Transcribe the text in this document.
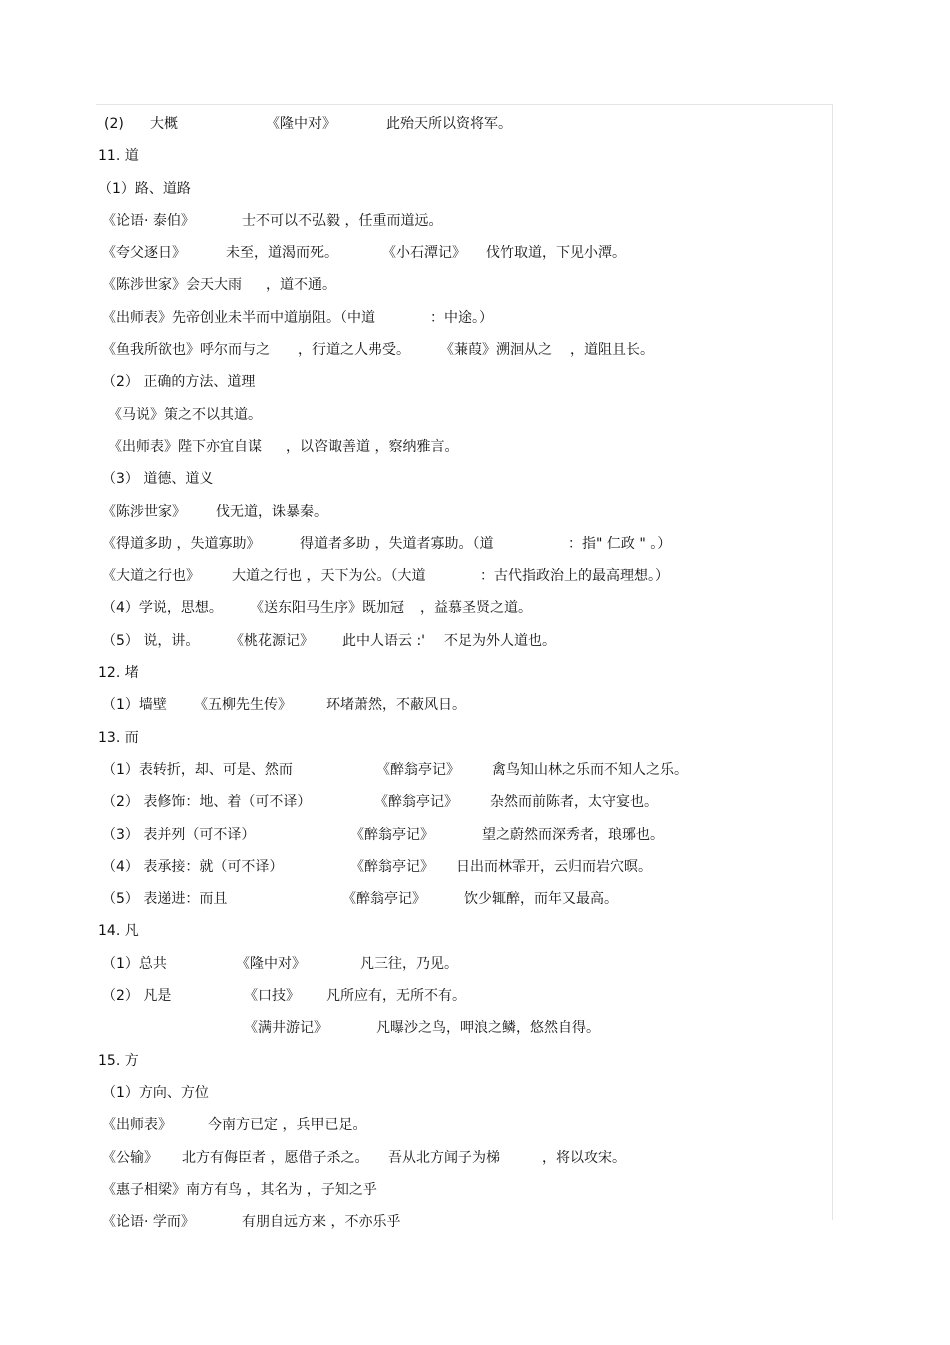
(2) 大概	《隆中对》	此殆天所以资将军。
11. 道
（1）路、道路
《论语· 泰伯》	士不可以不弘毅 ，任重而道远。
《夸父逐日》	未至，道渴而死。	《小石潭记》 伐竹取道，下见小潭。
《陈涉世家》会天大雨 ，道不通。
《出师表》先帝创业未半而中道崩阻。（中道	：中途。）
《鱼我所欲也》呼尔而与之 ，行道之人弗受。 《蒹葭》溯洄从之 ，道阻且长。
（2） 正确的方法、道理
《马说》策之不以其道。
《出师表》陛下亦宜自谋 ，以咨诹善道 ，察纳雅言。
（3） 道德、道义
《陈涉世家》 伐无道，诛暴秦。
《得道多助 ，失道寡助》	得道者多助 ，失道者寡助。（道	：指" 仁政 " 。）
《大道之行也》 大道之行也 ，天下为公。（大道	：古代指政治上的最高理想。）
（4）学说，思想。 《送东阳马生序》既加冠 ，益慕圣贤之道。
（5） 说，讲。 《桃花源记》 此中人语云 :' 不足为外人道也。
12. 堵
（1）墙壁 《五柳先生传》 环堵萧然，不蔽风日。
13. 而
（1）表转折，却、可是、然而	《醉翁亭记》 禽鸟知山林之乐而不知人之乐。
（2） 表修饰：地、着（可不译）	《醉翁亭记》 杂然而前陈者，太守宴也。
（3） 表并列（可不译）	《醉翁亭记》	望之蔚然而深秀者，琅琊也。
（4） 表承接：就（可不译）	《醉翁亭记》 日出而林霏开，云归而岩穴暝。
（5） 表递进：而且	《醉翁亭记》	饮少辄醉，而年又最高。
14. 凡
（1）总共	《隆中对》	凡三往，乃见。
（2） 凡是	《口技》 凡所应有，无所不有。
《满井游记》	凡曝沙之鸟，呷浪之鳞，悠然自得。
15. 方
（1）方向、方位
《出师表》	今南方已定 ，兵甲已足。
《公输》 北方有侮臣者 ，愿借子杀之。 吾从北方闻子为梯	，将以攻宋。
《惠子相梁》 南方有鸟 ，其名为 ，子知之乎
《论语· 学而》	有朋自远方来 ，不亦乐乎
